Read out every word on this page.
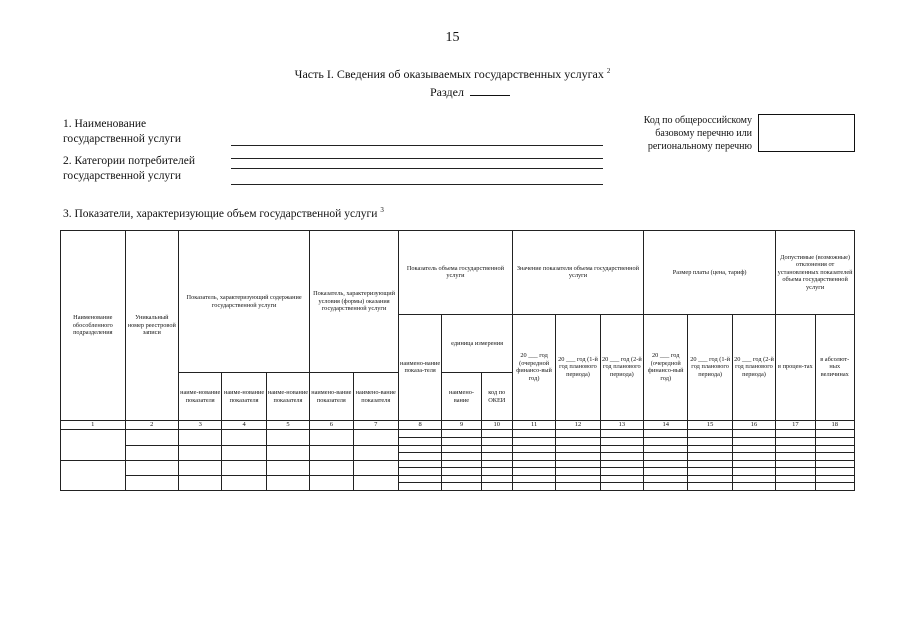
15
Часть I. Сведения об оказываемых государственных услугах $^2$
Раздел
1. Наименование
государственной услуги
2. Категории потребителей
государственной услуги
Код по общероссийскому
базовому перечню или
региональному перечню
3. Показатели, характеризующие объем государственной услуги $^3$
Наименование обособленного подразделения	Уникальный номер реестровой записи	Показатель, характеризующий содержание государственной услуги			Показатель, характеризующий условия (формы) оказания государственной услуги		Показатель объема государственной услуги			Значение показателя объема государственной услуги			Размер платы (цена, тариф)			Допустимые (возможные) отклонения от установленных показателей объема государственной услуги	
							наимено-вание показа-теля	единица измерения		20 ___ год (очередной финансо-вый год)	20 ___ год (1-й год планового периода)	20 ___ год (2-й год планового периода)	20 ___ год (очередной финансо-вый год)	20 ___ год (1-й год планового периода)	20 ___ год (2-й год планового периода)	в процен-тах	в абсолют-ных величинах
		наиме-нование показателя	наиме-нование показателя	наиме-нование показателя	наимено-вание показателя	наимено-вание показателя		наимено-вание	код по ОКЕИ								
1	2	3	4	5	6	7	8	9	10	11	12	13	14	15	16	17	18
